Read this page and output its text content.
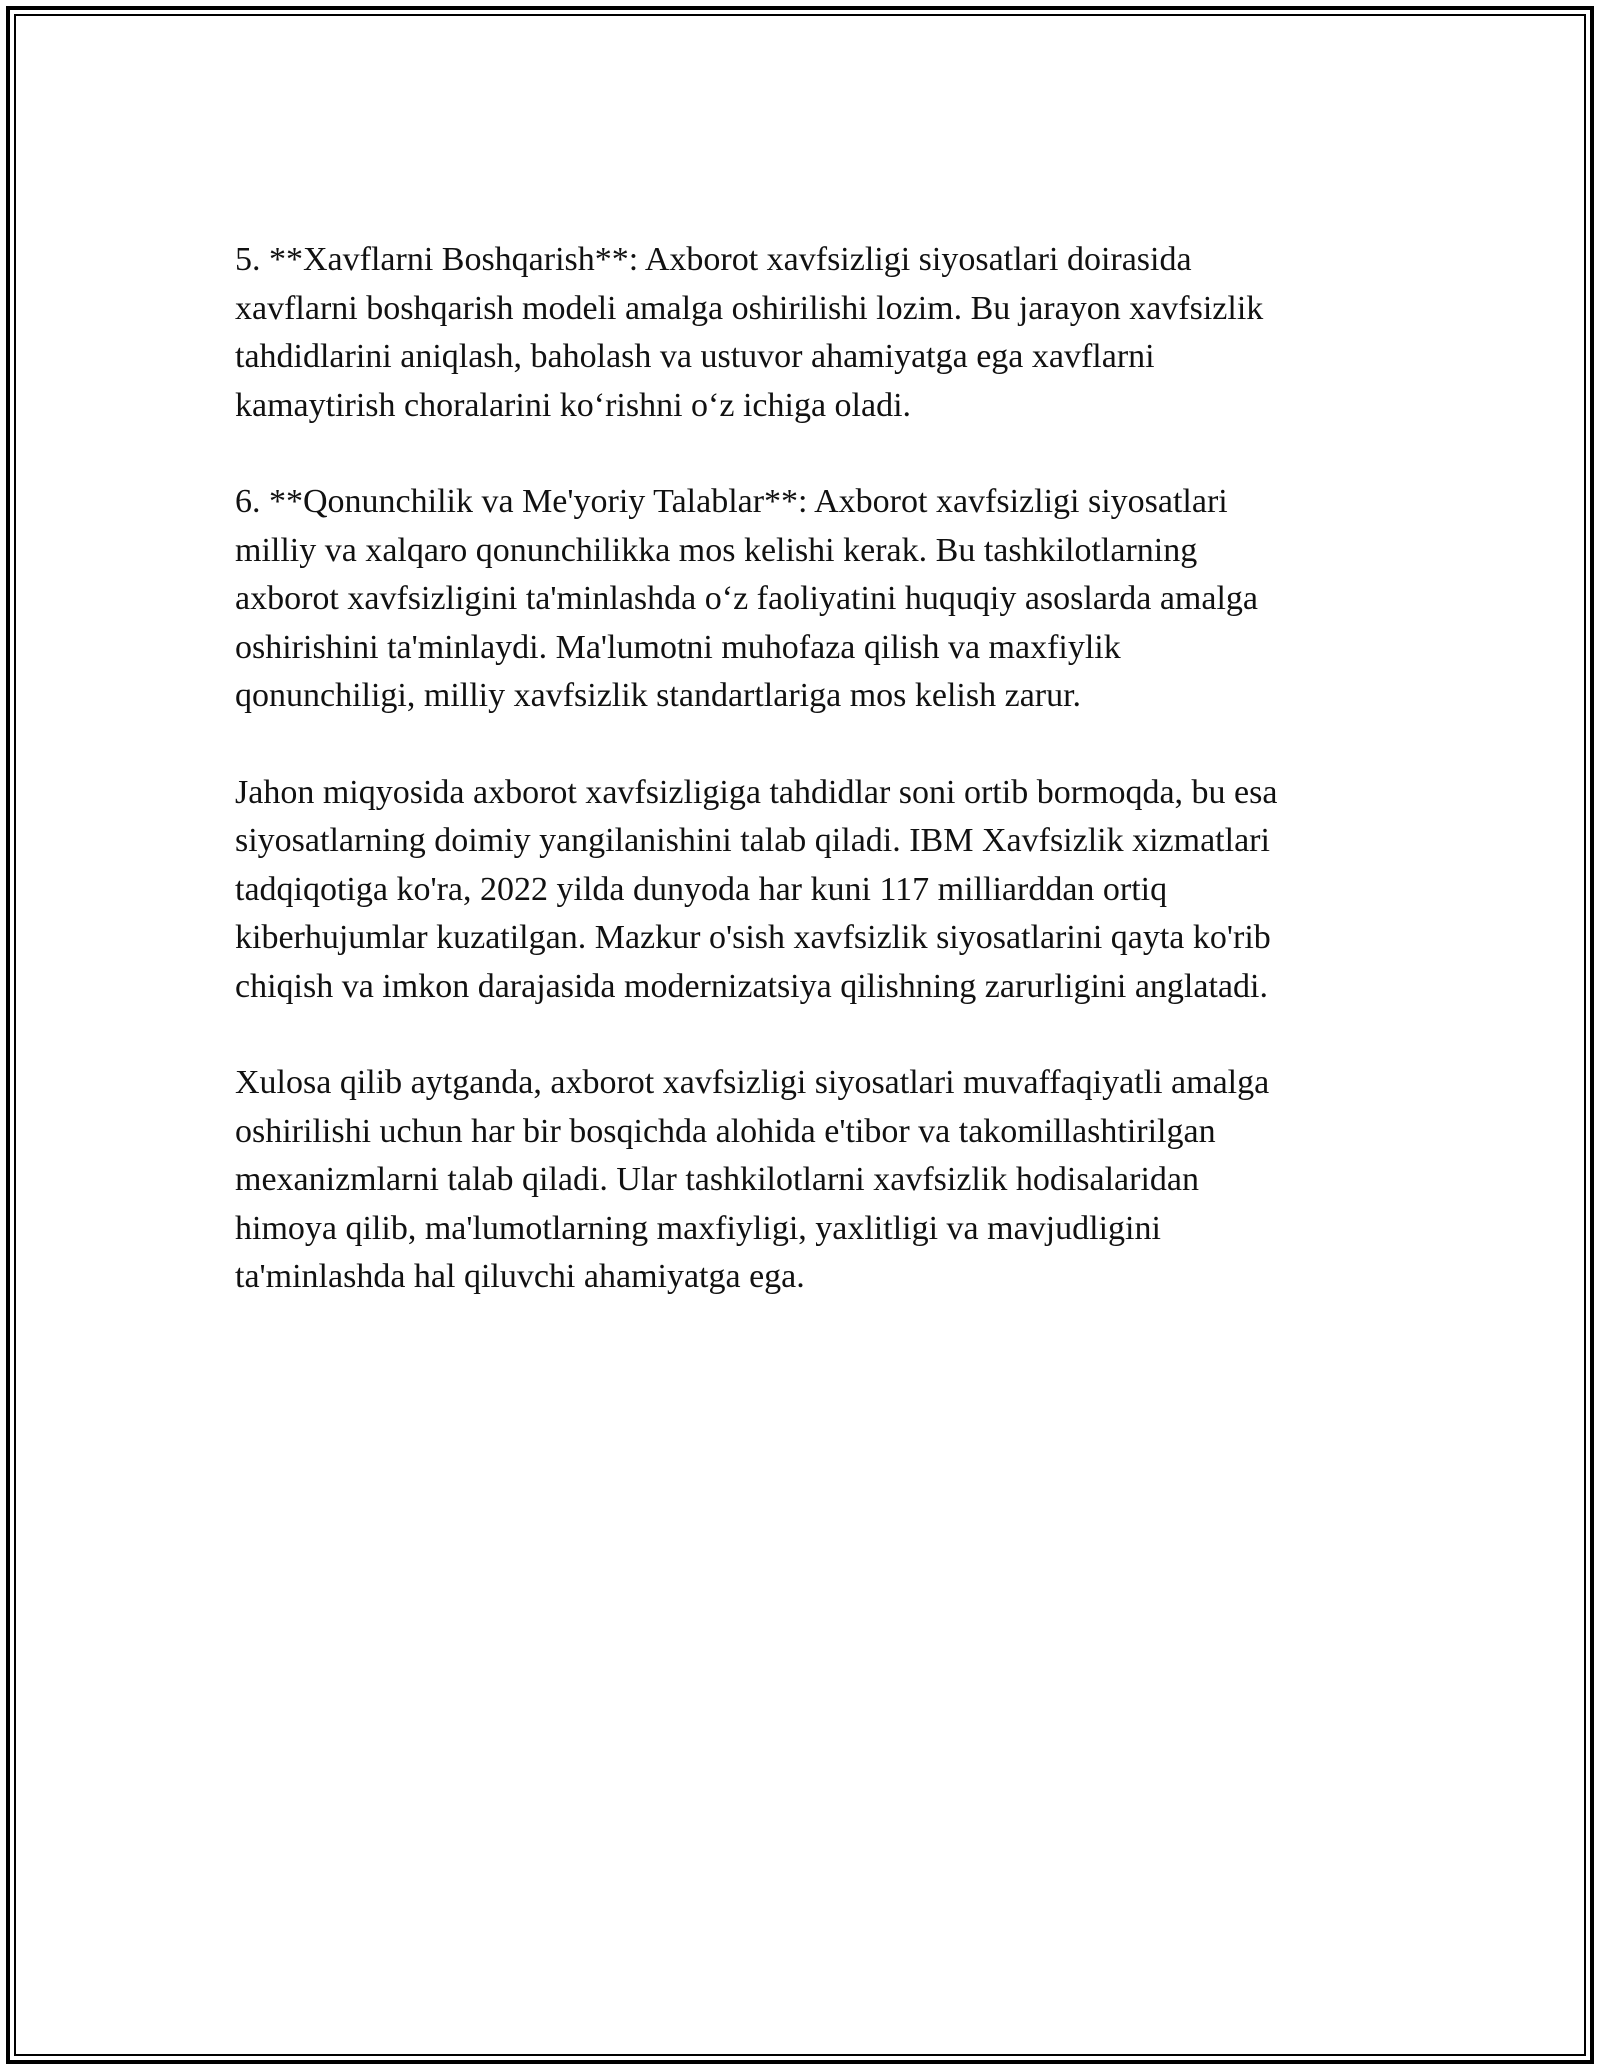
5. **Xavflarni Boshqarish**: Axborot xavfsizligi siyosatlari doirasida
xavflarni boshqarish modeli amalga oshirilishi lozim. Bu jarayon xavfsizlik
tahdidlarini aniqlash, baholash va ustuvor ahamiyatga ega xavflarni
kamaytirish choralarini ko‘rishni o‘z ichiga oladi.

6. **Qonunchilik va Me'yoriy Talablar**: Axborot xavfsizligi siyosatlari
milliy va xalqaro qonunchilikka mos kelishi kerak. Bu tashkilotlarning
axborot xavfsizligini ta'minlashda o‘z faoliyatini huquqiy asoslarda amalga
oshirishini ta'minlaydi. Ma'lumotni muhofaza qilish va maxfiylik
qonunchiligi, milliy xavfsizlik standartlariga mos kelish zarur.

Jahon miqyosida axborot xavfsizligiga tahdidlar soni ortib bormoqda, bu esa
siyosatlarning doimiy yangilanishini talab qiladi. IBM Xavfsizlik xizmatlari
tadqiqotiga ko'ra, 2022 yilda dunyoda har kuni 117 milliarddan ortiq
kiberhujumlar kuzatilgan. Mazkur o'sish xavfsizlik siyosatlarini qayta ko'rib
chiqish va imkon darajasida modernizatsiya qilishning zarurligini anglatadi.

Xulosa qilib aytganda, axborot xavfsizligi siyosatlari muvaffaqiyatli amalga
oshirilishi uchun har bir bosqichda alohida e'tibor va takomillashtirilgan
mexanizmlarni talab qiladi. Ular tashkilotlarni xavfsizlik hodisalaridan
himoya qilib, ma'lumotlarning maxfiyligi, yaxlitligi va mavjudligini
ta'minlashda hal qiluvchi ahamiyatga ega.
